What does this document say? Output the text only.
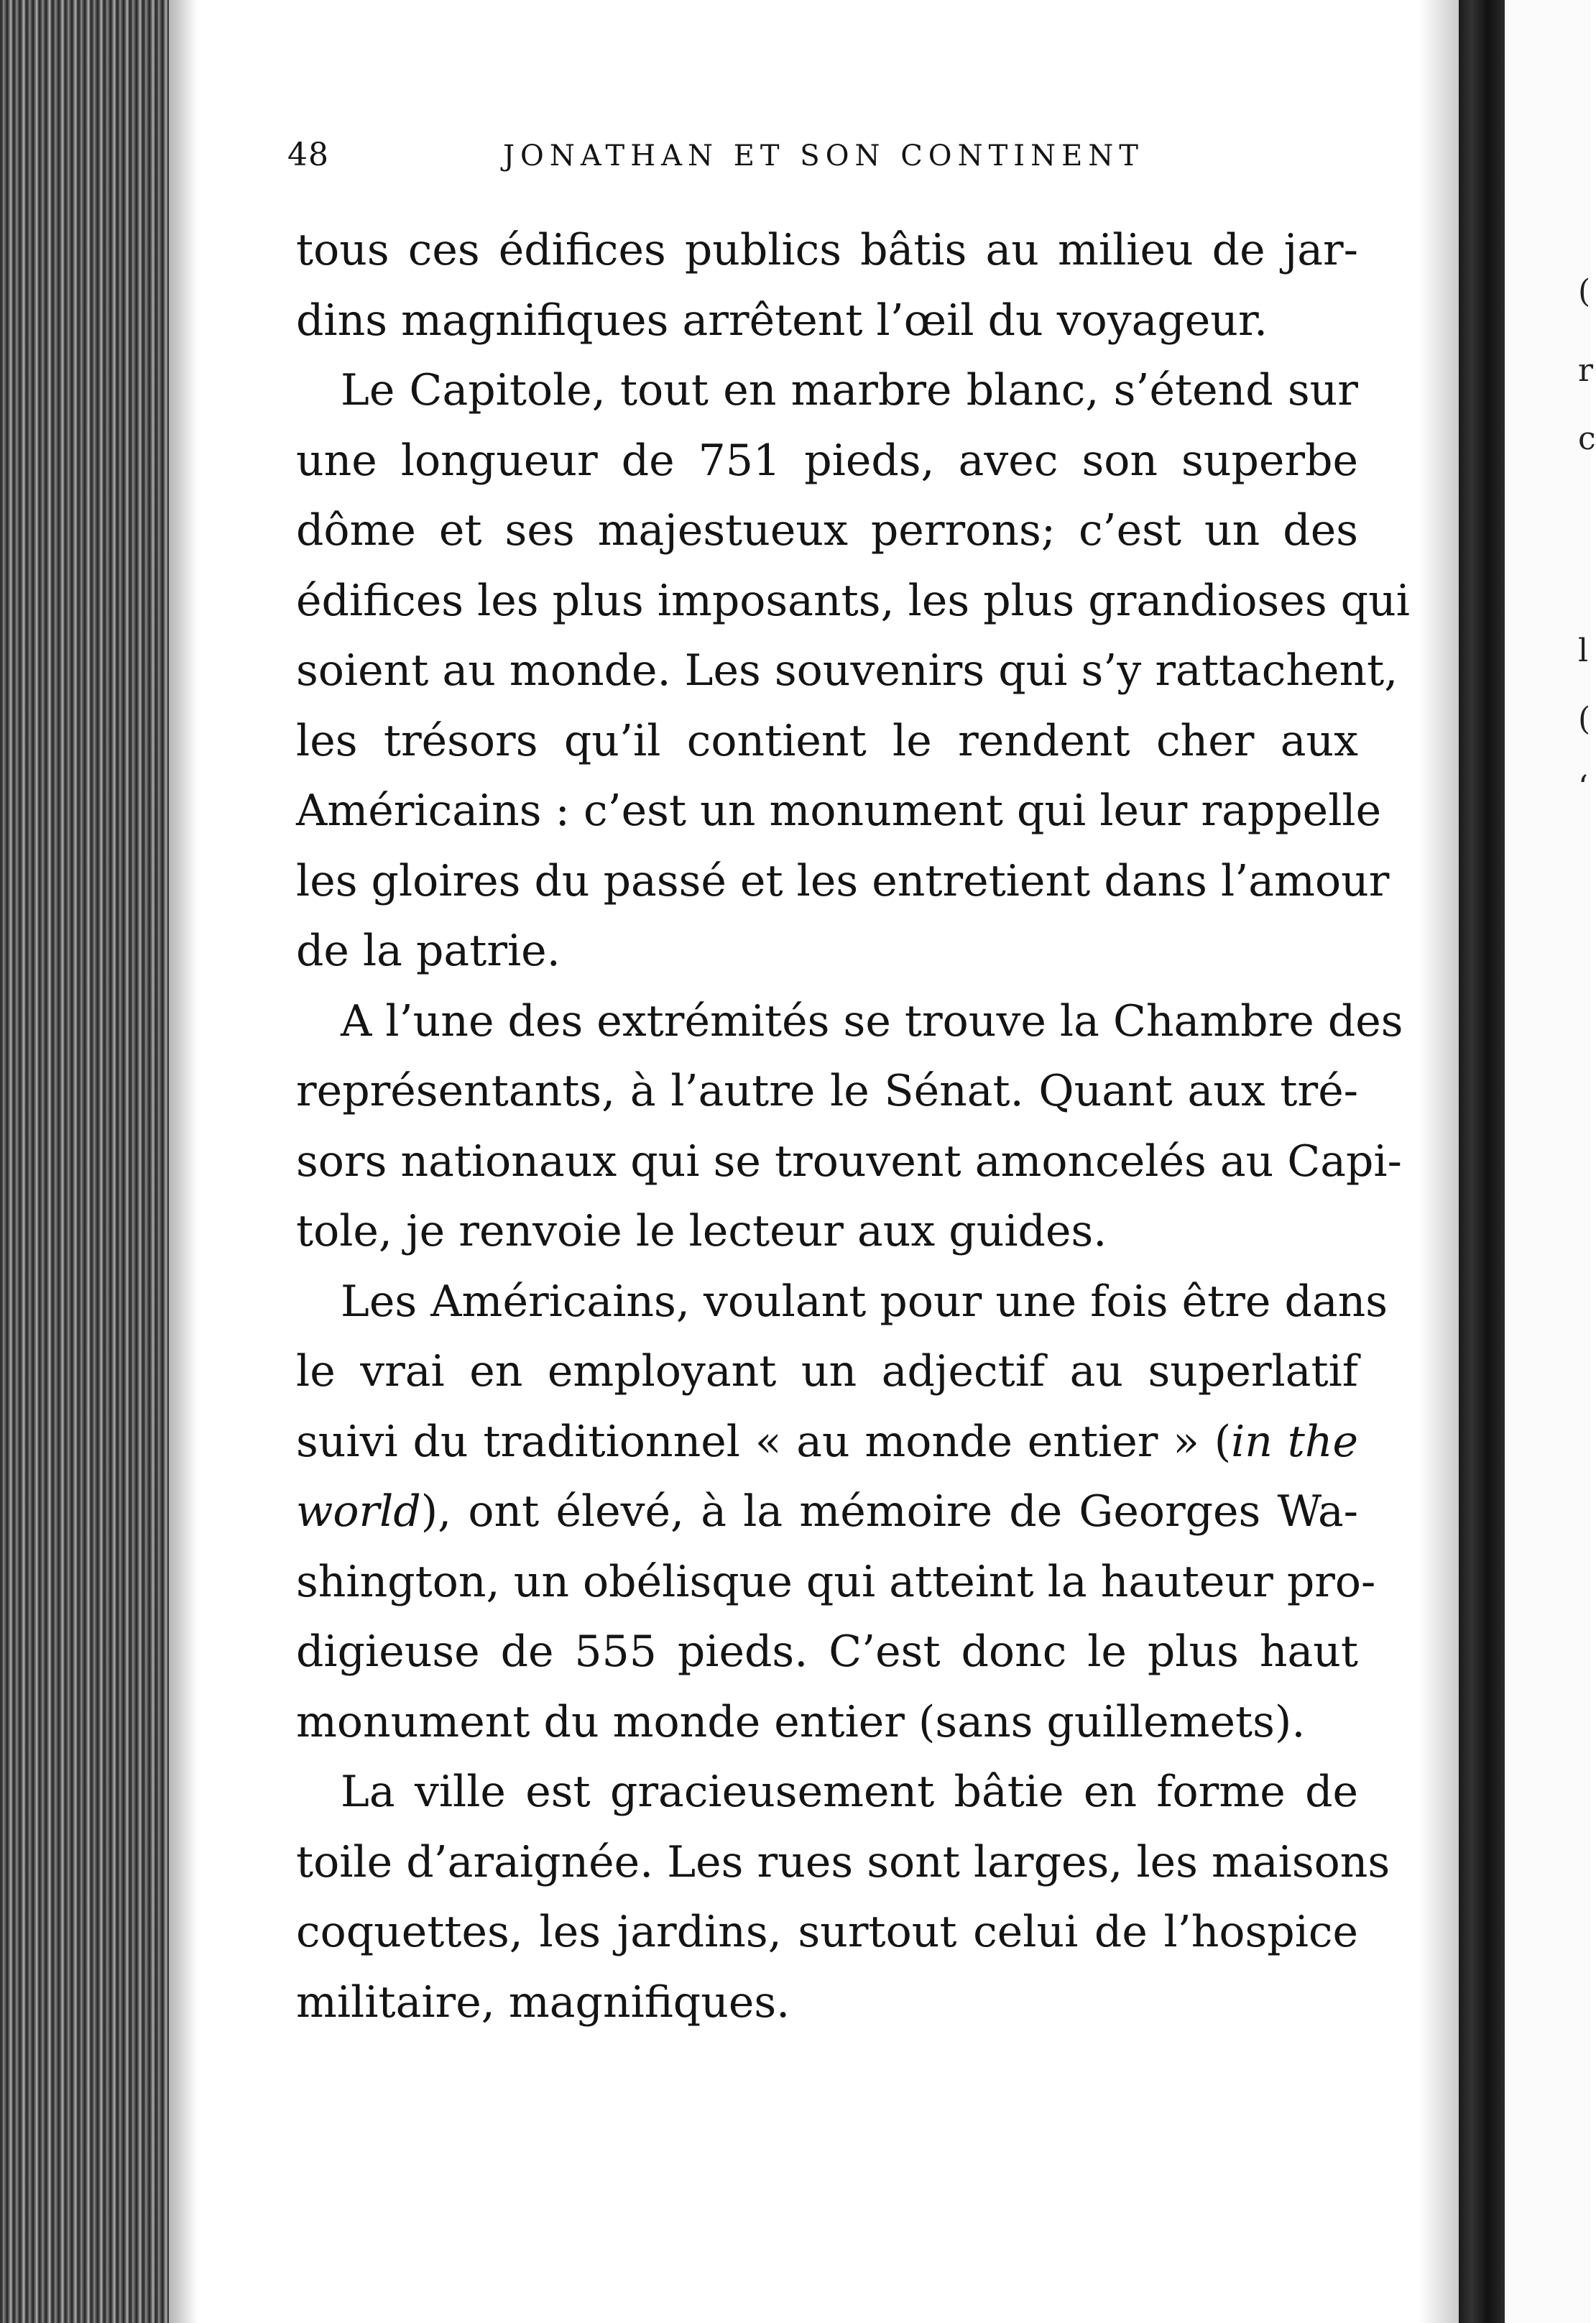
(
r
c
l
(
‘
48	JONATHAN ET SON CONTINENT
tous ces édifices publics bâtis au milieu de jar-
dins magnifiques arrêtent l’œil du voyageur.
Le Capitole, tout en marbre blanc, s’étend sur
une longueur de 751 pieds, avec son superbe
dôme et ses majestueux perrons; c’est un des
édifices les plus imposants, les plus grandioses qui
soient au monde. Les souvenirs qui s’y rattachent,
les trésors qu’il contient le rendent cher aux
Américains : c’est un monument qui leur rappelle
les gloires du passé et les entretient dans l’amour
de la patrie.
A l’une des extrémités se trouve la Chambre des
représentants, à l’autre le Sénat. Quant aux tré-
sors nationaux qui se trouvent amoncelés au Capi-
tole, je renvoie le lecteur aux guides.
Les Américains, voulant pour une fois être dans
le vrai en employant un adjectif au superlatif
suivi du traditionnel « au monde entier » (in the
world), ont élevé, à la mémoire de Georges Wa-
shington, un obélisque qui atteint la hauteur pro-
digieuse de 555 pieds. C’est donc le plus haut
monument du monde entier (sans guillemets).
La ville est gracieusement bâtie en forme de
toile d’araignée. Les rues sont larges, les maisons
coquettes, les jardins, surtout celui de l’hospice
militaire, magnifiques.
